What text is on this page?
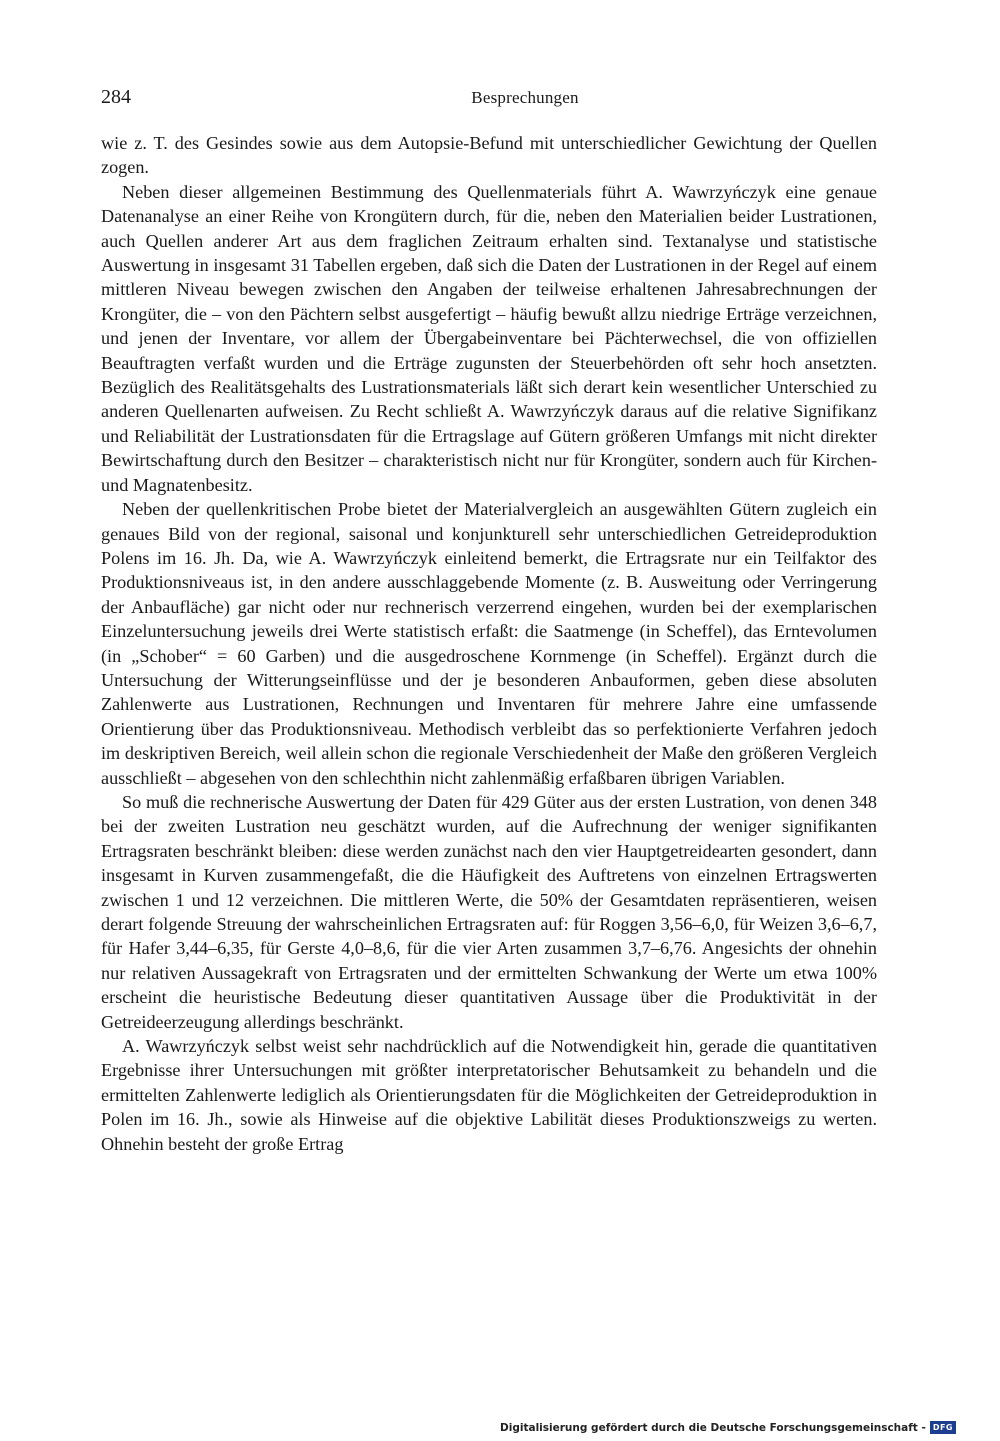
284	Besprechungen

wie z. T. des Gesindes sowie aus dem Autopsie-Befund mit unterschiedlicher Gewichtung der Quellen zogen.

Neben dieser allgemeinen Bestimmung des Quellenmaterials führt A. Wawrzyńczyk eine genaue Datenanalyse an einer Reihe von Krongütern durch, für die, neben den Materialien beider Lustrationen, auch Quellen anderer Art aus dem fraglichen Zeitraum erhalten sind. Textanalyse und statistische Auswertung in insgesamt 31 Tabellen ergeben, daß sich die Daten der Lustrationen in der Regel auf einem mittleren Niveau bewegen zwischen den Angaben der teilweise erhaltenen Jahresabrechnungen der Krongüter, die – von den Pächtern selbst ausgefertigt – häufig bewußt allzu niedrige Erträge verzeichnen, und jenen der Inventare, vor allem der Übergabeinventare bei Pächterwechsel, die von offiziellen Beauftragten verfaßt wurden und die Erträge zugunsten der Steuerbehörden oft sehr hoch ansetzten. Bezüglich des Realitätsgehalts des Lustrationsmaterials läßt sich derart kein wesentlicher Unterschied zu anderen Quellenarten aufweisen. Zu Recht schließt A. Wawrzyńczyk daraus auf die relative Signifikanz und Reliabilität der Lustrationsdaten für die Ertragslage auf Gütern größeren Umfangs mit nicht direkter Bewirtschaftung durch den Besitzer – charakteristisch nicht nur für Krongüter, sondern auch für Kirchen- und Magnatenbesitz.

Neben der quellenkritischen Probe bietet der Materialvergleich an ausgewählten Gütern zugleich ein genaues Bild von der regional, saisonal und konjunkturell sehr unterschiedlichen Getreideproduktion Polens im 16. Jh. Da, wie A. Wawrzyńczyk einleitend bemerkt, die Ertragsrate nur ein Teilfaktor des Produktionsniveaus ist, in den andere ausschlaggebende Momente (z. B. Ausweitung oder Verringerung der Anbaufläche) gar nicht oder nur rechnerisch verzerrend eingehen, wurden bei der exemplarischen Einzeluntersuchung jeweils drei Werte statistisch erfaßt: die Saatmenge (in Scheffel), das Erntevolumen (in „Schober“ = 60 Garben) und die ausgedroschene Kornmenge (in Scheffel). Ergänzt durch die Untersuchung der Witterungseinflüsse und der je besonderen Anbauformen, geben diese absoluten Zahlenwerte aus Lustrationen, Rechnungen und Inventaren für mehrere Jahre eine umfassende Orientierung über das Produktionsniveau. Methodisch verbleibt das so perfektionierte Verfahren jedoch im deskriptiven Bereich, weil allein schon die regionale Verschiedenheit der Maße den größeren Vergleich ausschließt – abgesehen von den schlechthin nicht zahlenmäßig erfaßbaren übrigen Variablen.

So muß die rechnerische Auswertung der Daten für 429 Güter aus der ersten Lustration, von denen 348 bei der zweiten Lustration neu geschätzt wurden, auf die Aufrechnung der weniger signifikanten Ertragsraten beschränkt bleiben: diese werden zunächst nach den vier Hauptgetreidearten gesondert, dann insgesamt in Kurven zusammengefaßt, die die Häufigkeit des Auftretens von einzelnen Ertragswerten zwischen 1 und 12 verzeichnen. Die mittleren Werte, die 50% der Gesamtdaten repräsentieren, weisen derart folgende Streuung der wahrscheinlichen Ertragsraten auf: für Roggen 3,56–6,0, für Weizen 3,6–6,7, für Hafer 3,44–6,35, für Gerste 4,0–8,6, für die vier Arten zusammen 3,7–6,76. Angesichts der ohnehin nur relativen Aussagekraft von Ertragsraten und der ermittelten Schwankung der Werte um etwa 100% erscheint die heuristische Bedeutung dieser quantitativen Aussage über die Produktivität in der Getreideerzeugung allerdings beschränkt.

A. Wawrzyńczyk selbst weist sehr nachdrücklich auf die Notwendigkeit hin, gerade die quantitativen Ergebnisse ihrer Untersuchungen mit größter interpretatorischer Behutsamkeit zu behandeln und die ermittelten Zahlenwerte lediglich als Orientierungsdaten für die Möglichkeiten der Getreideproduktion in Polen im 16. Jh., sowie als Hinweise auf die objektive Labilität dieses Produktionszweigs zu werten. Ohnehin besteht der große Ertrag

Digitalisierung gefördert durch die Deutsche Forschungsgemeinschaft - DFG
